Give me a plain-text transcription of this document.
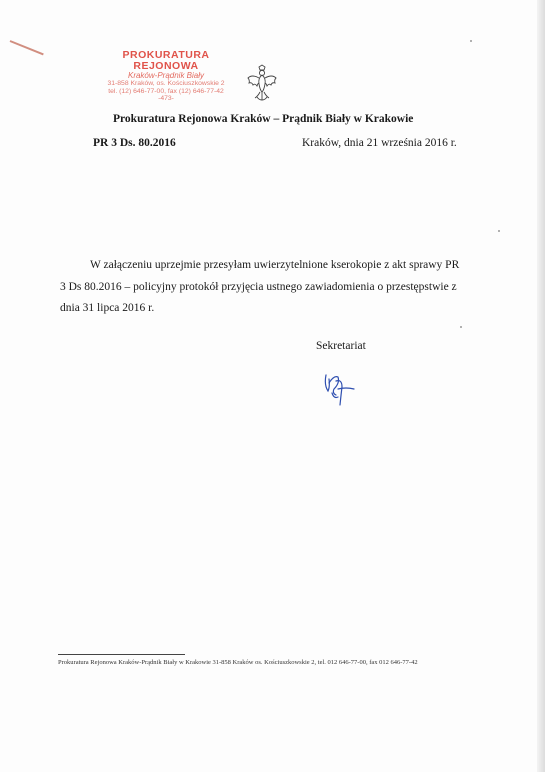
PROKURATURA REJONOWA
Kraków-Prądnik Biały
31-858 Kraków, os. Kościuszkowskie 2
tel. (12) 646-77-00, fax (12) 646-77-42
-473-
Prokuratura Rejonowa Kraków – Prądnik Biały w Krakowie
PR 3 Ds. 80.2016	Kraków, dnia 21 września 2016 r.
W załączeniu uprzejmie przesyłam uwierzytelnione kserokopie z akt sprawy PR
3 Ds 80.2016 – policyjny protokół przyjęcia ustnego zawiadomienia o przestępstwie z
dnia 31 lipca 2016 r.
Sekretariat
Prokuratura Rejonowa Kraków-Prądnik Biały w Krakowie 31-858 Kraków os. Kościuszkowskie 2, tel. 012 646-77-00, fax 012 646-77-42
